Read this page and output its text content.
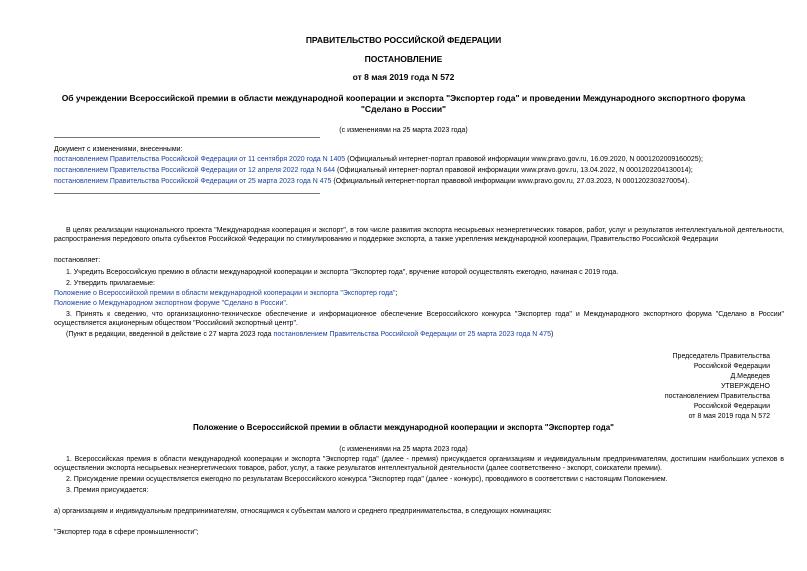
ПРАВИТЕЛЬСТВО РОССИЙСКОЙ ФЕДЕРАЦИИ
ПОСТАНОВЛЕНИЕ
от 8 мая 2019 года N 572
Об учреждении Всероссийской премии в области международной кооперации и экспорта "Экспортер года" и проведении Международного экспортного форума
"Сделано в России"
(с изменениями на 25 марта 2023 года)
Документ с изменениями, внесенными:
постановлением Правительства Российской Федерации от 11 сентября 2020 года N 1405 (Официальный интернет-портал правовой информации www.pravo.gov.ru, 16.09.2020, N 0001202009160025);
постановлением Правительства Российской Федерации от 12 апреля 2022 года N 644 (Официальный интернет-портал правовой информации www.pravo.gov.ru, 13.04.2022, N 0001202204130014);
постановлением Правительства Российской Федерации от 25 марта 2023 года N 475 (Официальный интернет-портал правовой информации www.pravo.gov.ru, 27.03.2023, N 0001202303270054).
В целях реализации национального проекта "Международная кооперация и экспорт", в том числе развития экспорта несырьевых неэнергетических товаров, работ, услуг и результатов интеллектуальной деятельности, распространения передового опыта субъектов Российской Федерации по стимулированию и поддержке экспорта, а также укрепления международной кооперации, Правительство Российской Федерации
постановляет:
1. Учредить Всероссийскую премию в области международной кооперации и экспорта "Экспортер года", вручение которой осуществлять ежегодно, начиная с 2019 года.
2. Утвердить прилагаемые:
Положение о Всероссийской премии в области международной кооперации и экспорта "Экспортер года";
Положение о Международном экспортном форуме "Сделано в России".
3. Принять к сведению, что организационно-техническое обеспечение и информационное обеспечение Всероссийского конкурса "Экспортер года" и Международного экспортного форума "Сделано в России" осуществляется акционерным обществом "Российский экспортный центр".
(Пункт в редакции, введенной в действие с 27 марта 2023 года постановлением Правительства Российской Федерации от 25 марта 2023 года N 475)
Председатель Правительства
Российской Федерации
Д.Медведев
УТВЕРЖДЕНО
постановлением Правительства
Российской Федерации
от 8 мая 2019 года N 572
Положение о Всероссийской премии в области международной кооперации и экспорта "Экспортер года"
(с изменениями на 25 марта 2023 года)
1. Всероссийская премия в области международной кооперации и экспорта "Экспортер года" (далее - премия) присуждается организациям и индивидуальным предпринимателям, достигшим наибольших успехов в осуществлении экспорта несырьевых неэнергетических товаров, работ, услуг, а также результатов интеллектуальной деятельности (далее соответственно - экспорт, соискатели премии).
2. Присуждение премии осуществляется ежегодно по результатам Всероссийского конкурса "Экспортер года" (далее - конкурс), проводимого в соответствии с настоящим Положением.
3. Премия присуждается:
а) организациям и индивидуальным предпринимателям, относящимся к субъектам малого и среднего предпринимательства, в следующих номинациях:
"Экспортер года в сфере промышленности";
